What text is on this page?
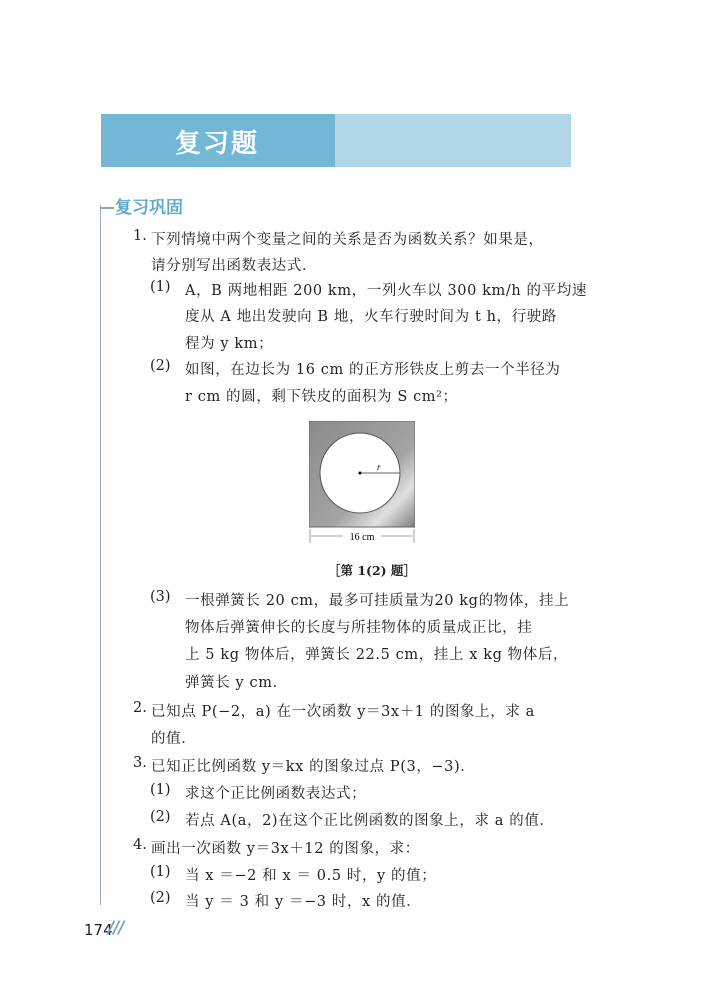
复习题
复习巩固
1. 下列情境中两个变量之间的关系是否为函数关系？如果是，
请分别写出函数表达式．
(1) A，B 两地相距 200 km，一列火车以 300 km/h 的平均速
度从 A 地出发驶向 B 地，火车行驶时间为 t h，行驶路
程为 y km；
(2) 如图，在边长为 16 cm 的正方形铁皮上剪去一个半径为
r cm 的圆，剩下铁皮的面积为 S cm²；
r
16 cm
［第 1(2) 题］
(3) 一根弹簧长 20 cm，最多可挂质量为20 kg的物体，挂上
物体后弹簧伸长的长度与所挂物体的质量成正比，挂
上 5 kg 物体后，弹簧长 22.5 cm，挂上 x kg 物体后，
弹簧长 y cm．
2. 已知点 P(−2，a) 在一次函数 y＝3x＋1 的图象上，求 a
的值．
3. 已知正比例函数 y＝kx 的图象过点 P(3，−3)．
(1) 求这个正比例函数表达式；
(2) 若点 A(a，2)在这个正比例函数的图象上，求 a 的值．
4. 画出一次函数 y＝3x＋12 的图象，求：
(1) 当 x ＝−2 和 x ＝ 0.5 时，y 的值；
(2) 当 y ＝ 3 和 y ＝−3 时，x 的值．
174
///
